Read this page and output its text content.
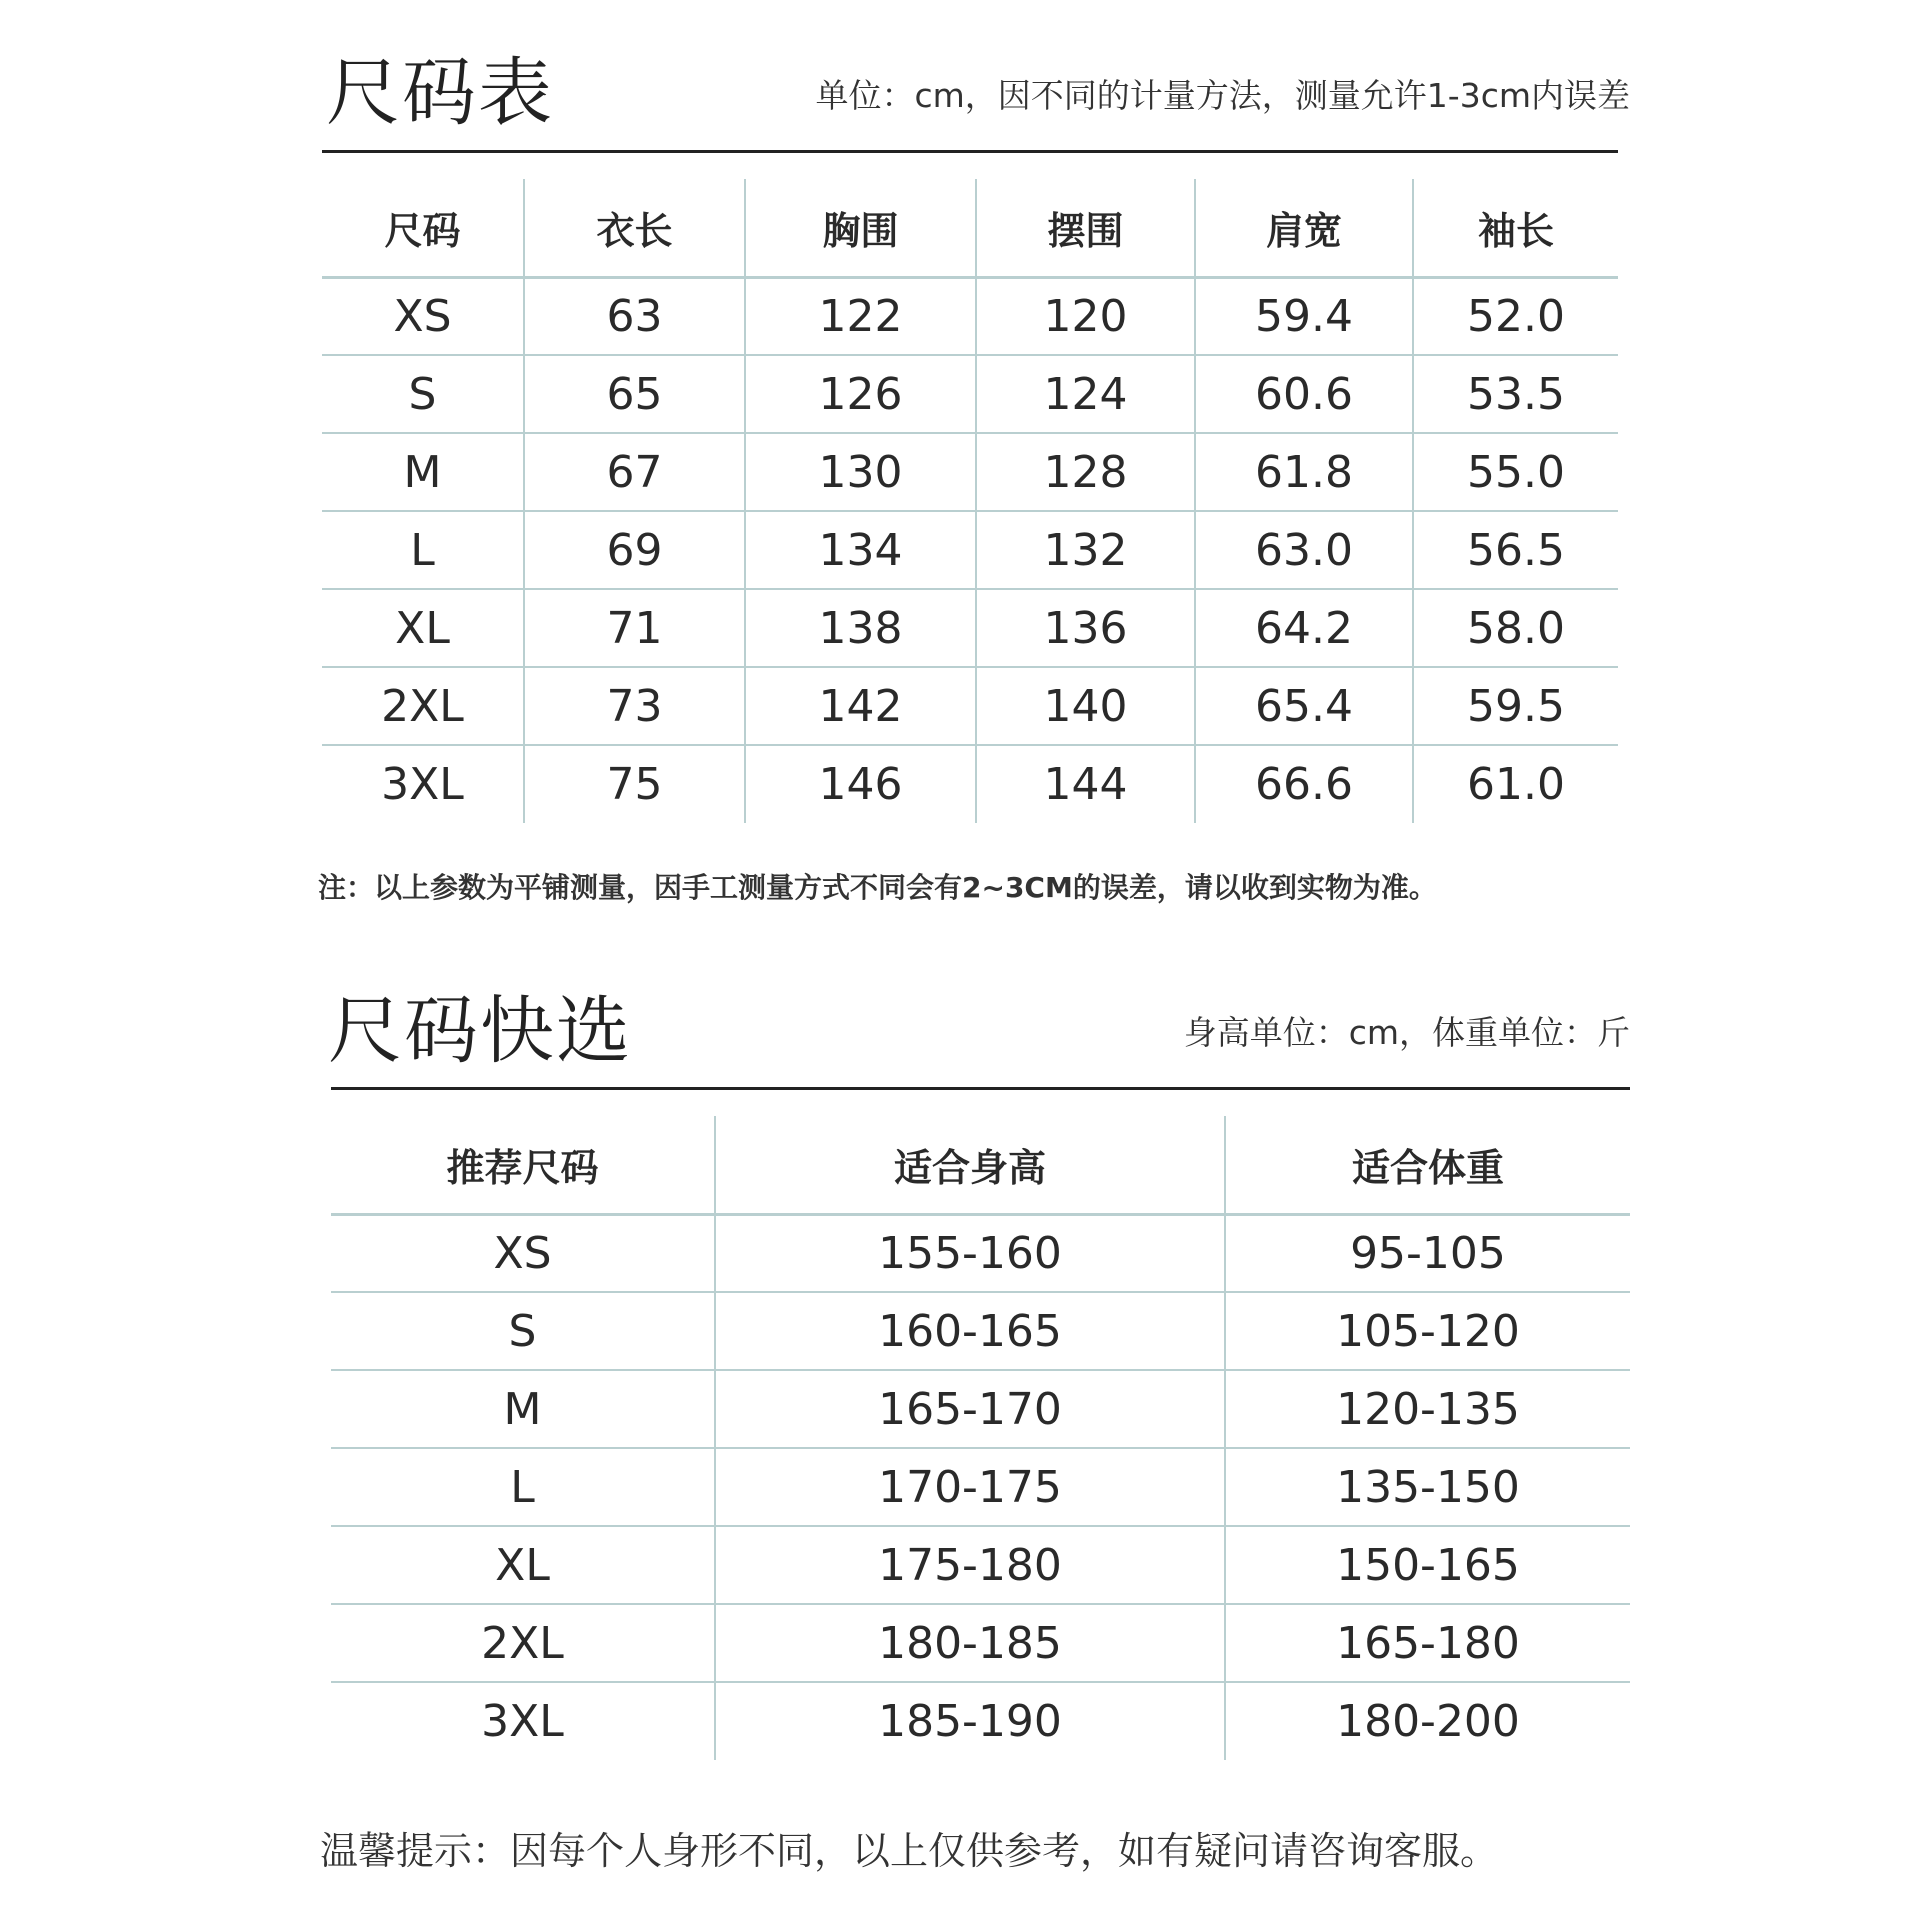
尺码表	单位：cm，因不同的计量方法，测量允许1-3cm内误差
尺码	衣长	胸围	摆围	肩宽	袖长
XS	63	122	120	59.4	52.0
S	65	126	124	60.6	53.5
M	67	130	128	61.8	55.0
L	69	134	132	63.0	56.5
XL	71	138	136	64.2	58.0
2XL	73	142	140	65.4	59.5
3XL	75	146	144	66.6	61.0
注：以上参数为平铺测量，因手工测量方式不同会有2~3CM的误差，请以收到实物为准。
尺码快选	身高单位：cm，体重单位：斤
推荐尺码	适合身高	适合体重
XS	155-160	95-105
S	160-165	105-120
M	165-170	120-135
L	170-175	135-150
XL	175-180	150-165
2XL	180-185	165-180
3XL	185-190	180-200
温馨提示：因每个人身形不同，以上仅供参考，如有疑问请咨询客服。
